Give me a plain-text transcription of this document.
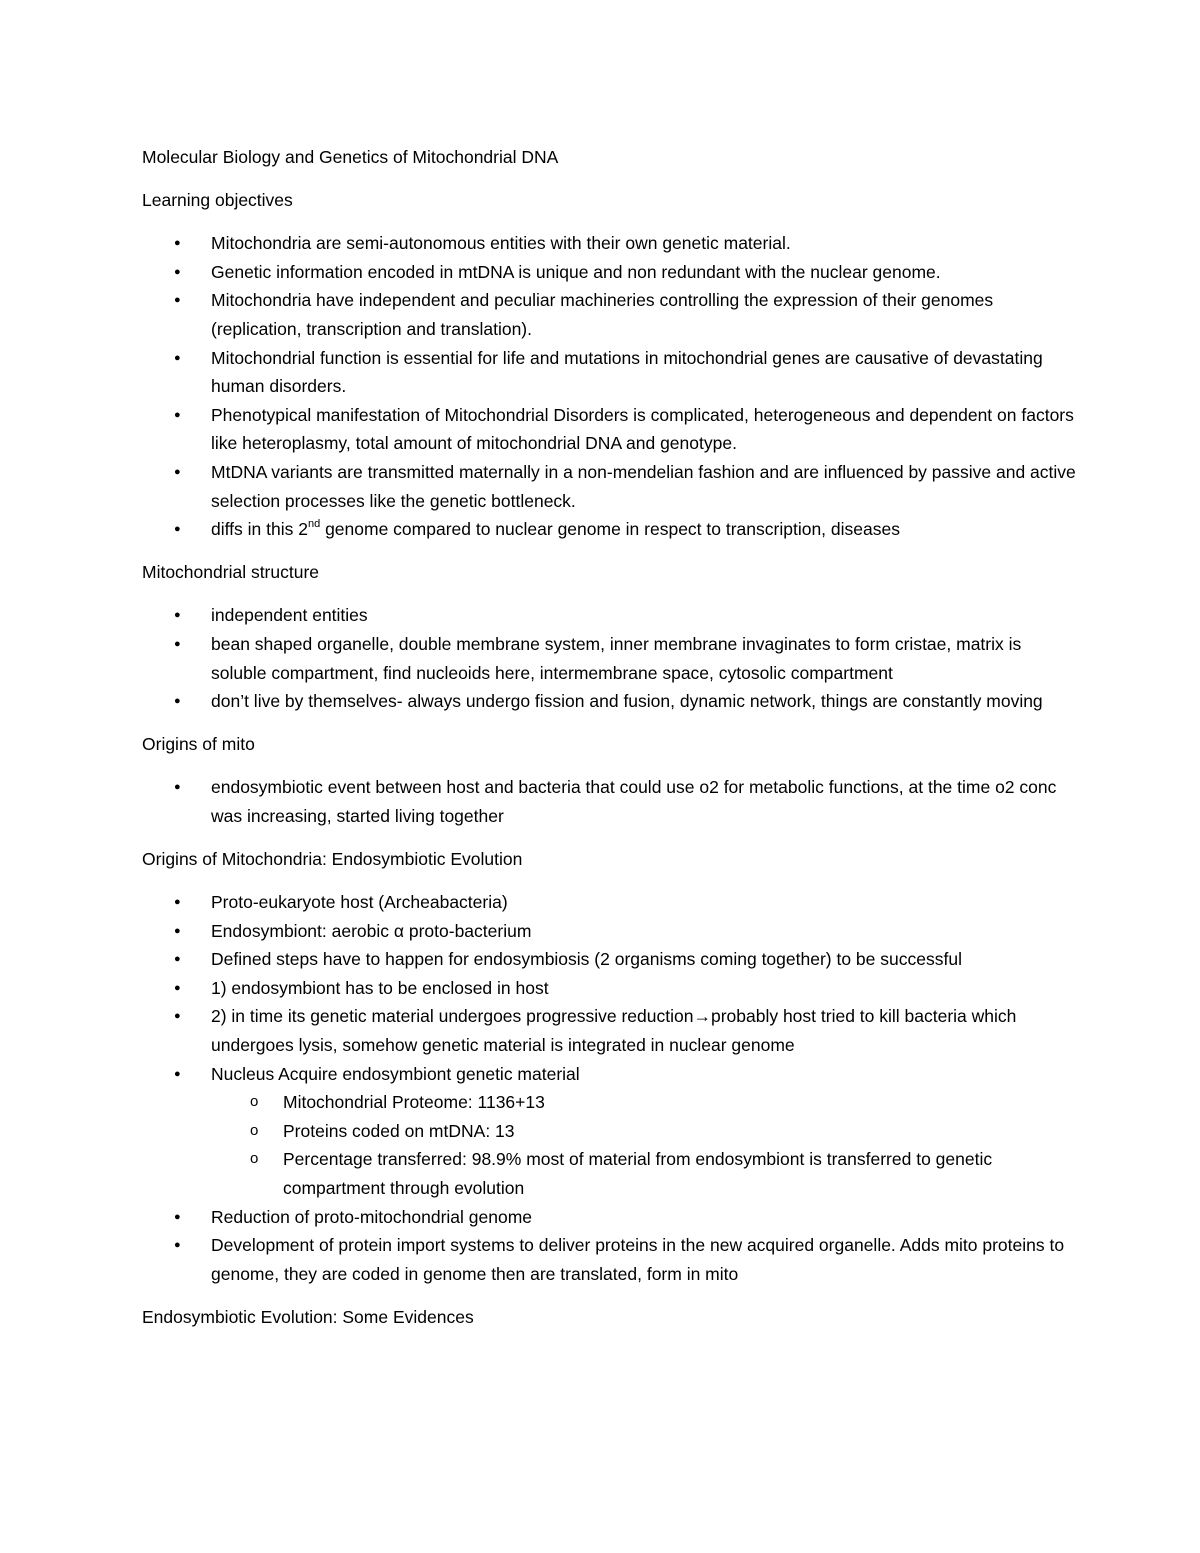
Molecular Biology and Genetics of Mitochondrial DNA

Learning objectives

● Mitochondria are semi-autonomous entities with their own genetic material.
● Genetic information encoded in mtDNA is unique and non redundant with the nuclear genome.
● Mitochondria have independent and peculiar machineries controlling the expression of their genomes (replication, transcription and translation).
● Mitochondrial function is essential for life and mutations in mitochondrial genes are causative of devastating human disorders.
● Phenotypical manifestation of Mitochondrial Disorders is complicated, heterogeneous and dependent on factors like heteroplasmy, total amount of mitochondrial DNA and genotype.
● MtDNA variants are transmitted maternally in a non-mendelian fashion and are influenced by passive and active selection processes like the genetic bottleneck.
● diffs in this 2nd genome compared to nuclear genome in respect to transcription, diseases

Mitochondrial structure

● independent entities
● bean shaped organelle, double membrane system, inner membrane invaginates to form cristae, matrix is soluble compartment, find nucleoids here, intermembrane space, cytosolic compartment
● don’t live by themselves- always undergo fission and fusion, dynamic network, things are constantly moving

Origins of mito

● endosymbiotic event between host and bacteria that could use o2 for metabolic functions, at the time o2 conc was increasing, started living together

Origins of Mitochondria: Endosymbiotic Evolution

● Proto-eukaryote host (Archeabacteria)
● Endosymbiont: aerobic α proto-bacterium
● Defined steps have to happen for endosymbiosis (2 organisms coming together) to be successful
● 1) endosymbiont has to be enclosed in host
● 2) in time its genetic material undergoes progressive reduction→probably host tried to kill bacteria which undergoes lysis, somehow genetic material is integrated in nuclear genome
● Nucleus Acquire endosymbiont genetic material
o Mitochondrial Proteome: 1136+13
o Proteins coded on mtDNA: 13
o Percentage transferred: 98.9% most of material from endosymbiont is transferred to genetic compartment through evolution
● Reduction of proto-mitochondrial genome
● Development of protein import systems to deliver proteins in the new acquired organelle. Adds mito proteins to genome, they are coded in genome then are translated, form in mito

Endosymbiotic Evolution: Some Evidences
